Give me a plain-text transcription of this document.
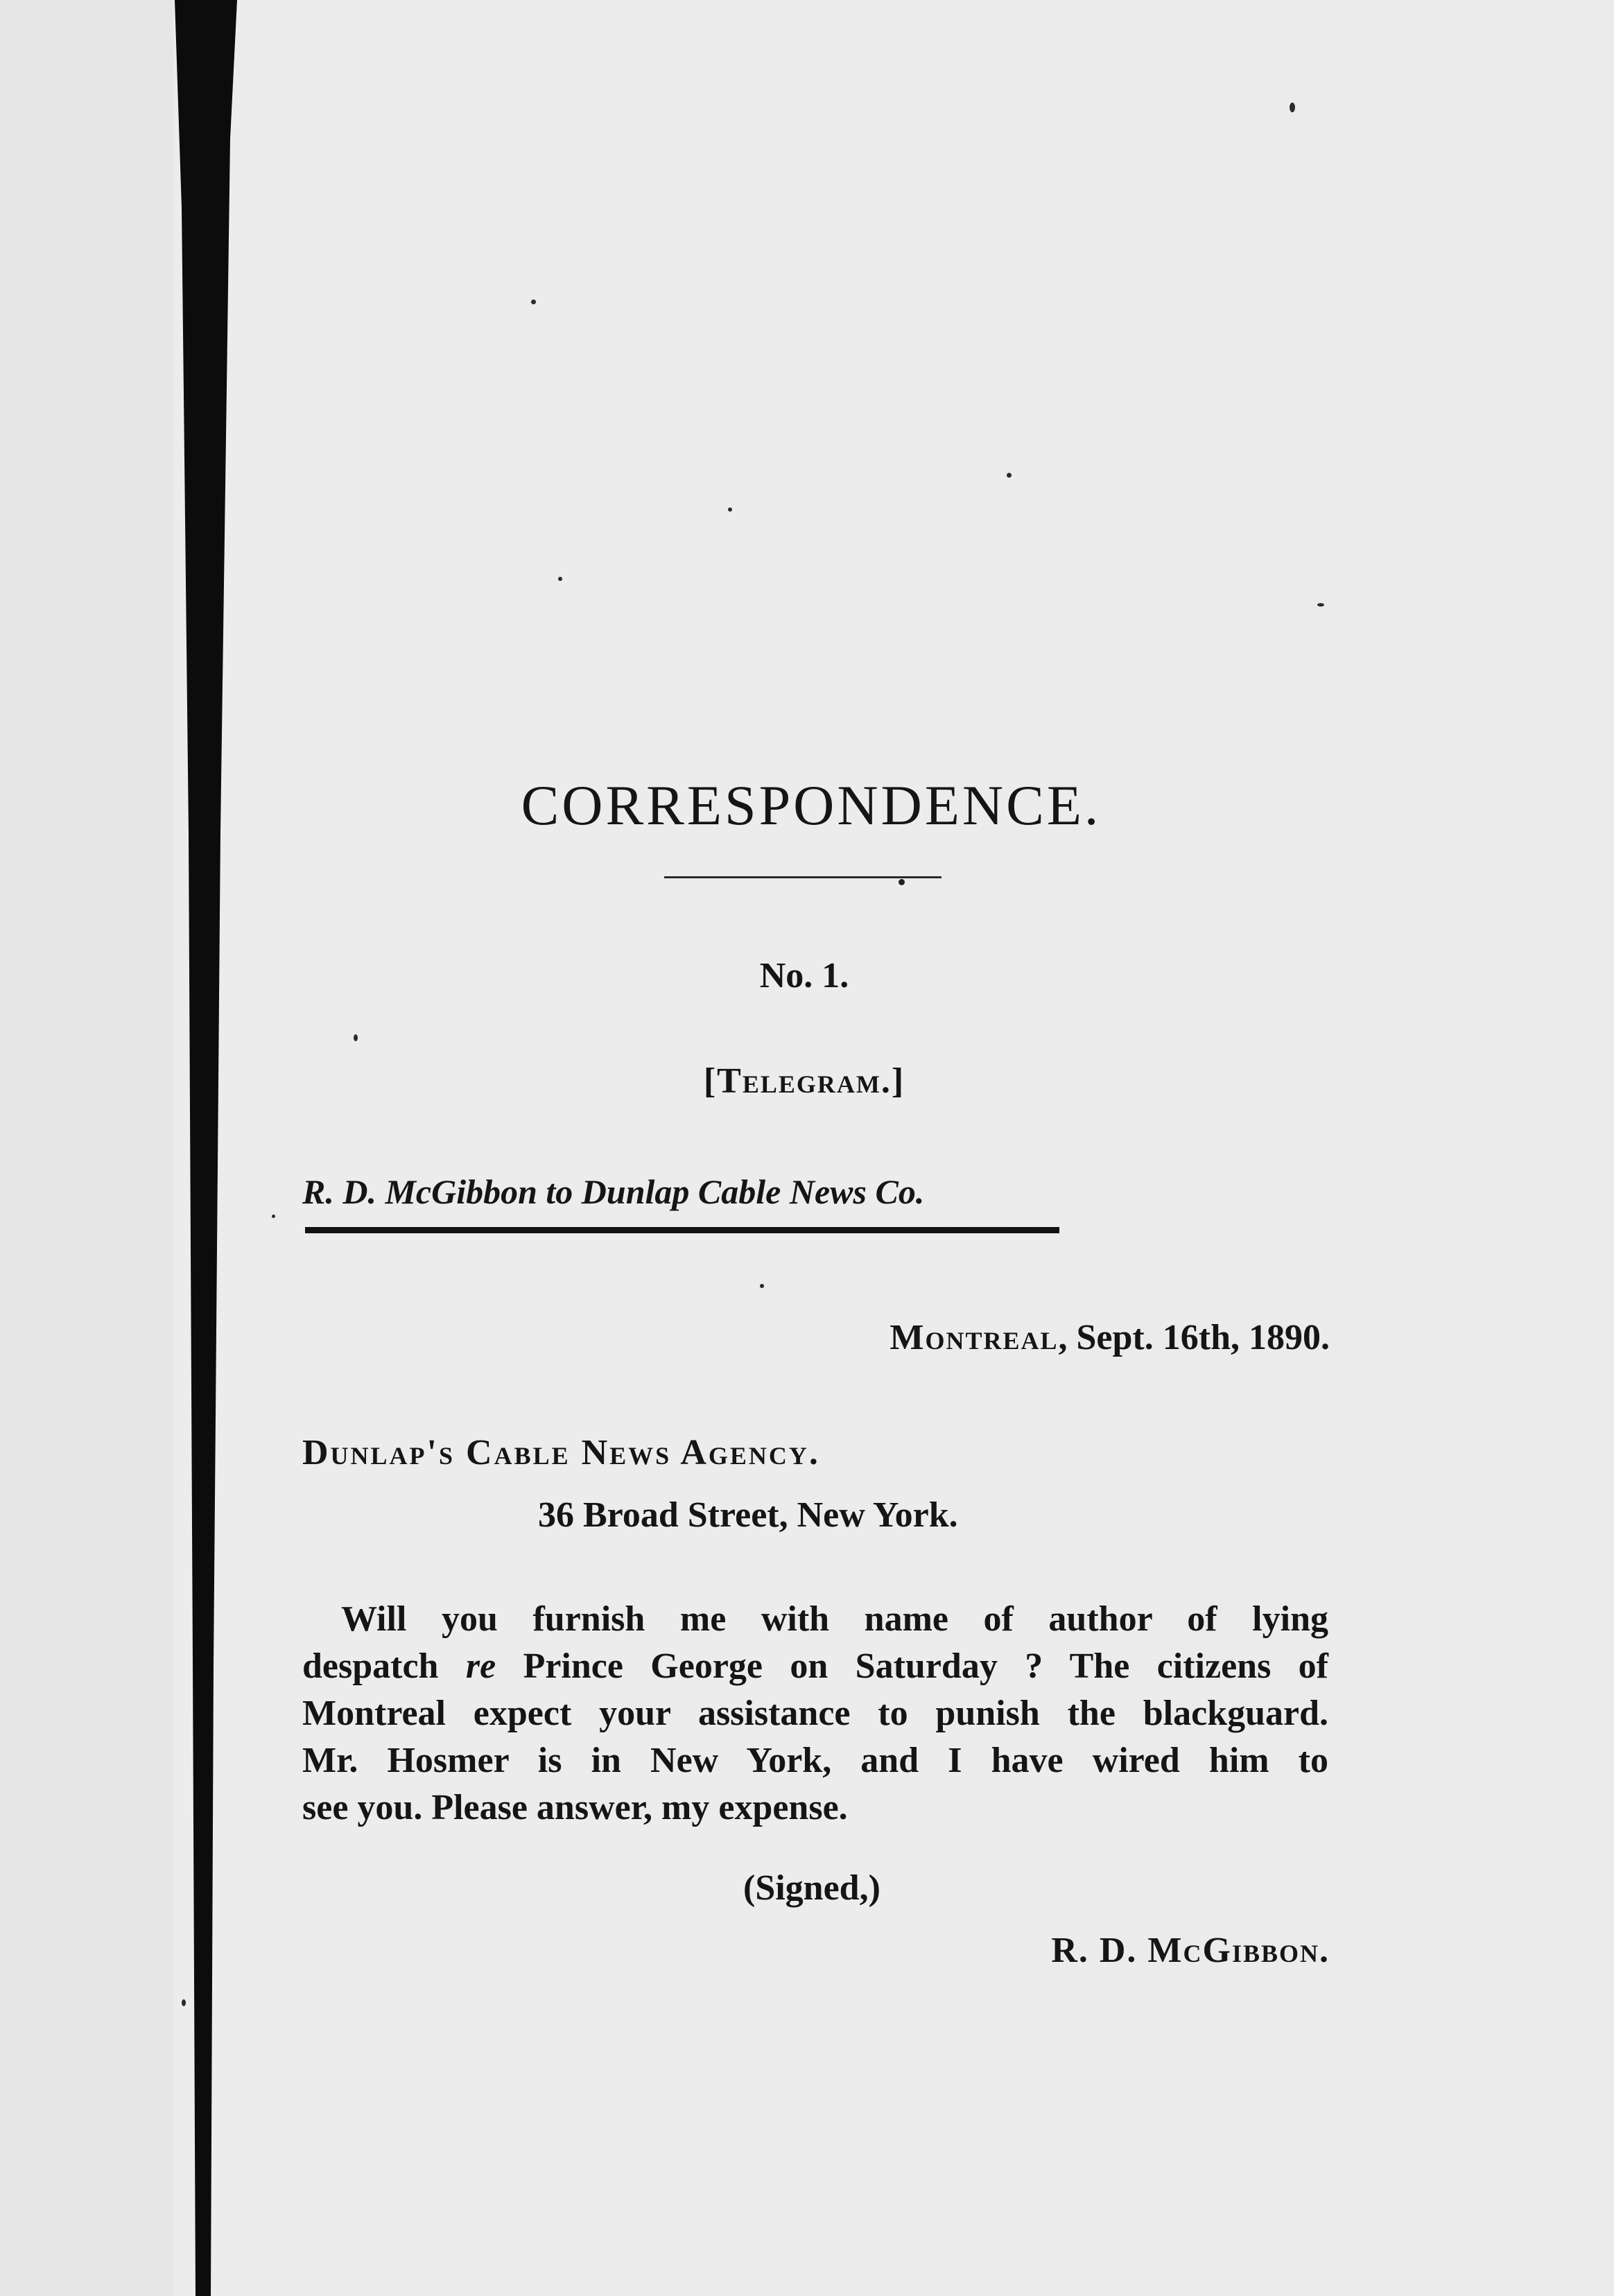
CORRESPONDENCE.
No. 1.
[Telegram.]
R. D. McGibbon to Dunlap Cable News Co.
Montreal, Sept. 16th, 1890.
Dunlap's Cable News Agency.
36 Broad Street, New York.
Will you furnish me with name of author of lying
despatch re Prince George on Saturday ? The citizens of
Montreal expect your assistance to punish the blackguard.
Mr. Hosmer is in New York, and I have wired him to
see you. Please answer, my expense.
(Signed,)
R. D. McGibbon.
